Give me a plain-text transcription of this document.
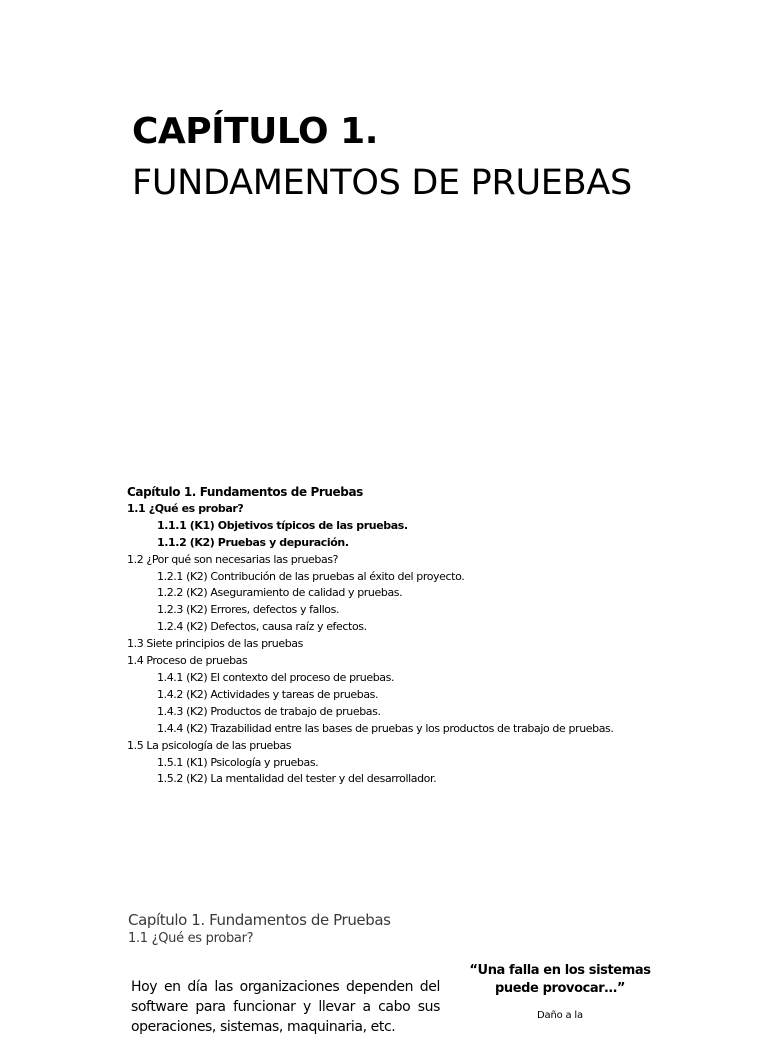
CAPÍTULO 1.
FUNDAMENTOS DE PRUEBAS
Capítulo 1. Fundamentos de Pruebas
1.1 ¿Qué es probar?
1.1.1 (K1) Objetivos típicos de las pruebas.
1.1.2 (K2) Pruebas y depuración.
1.2 ¿Por qué son necesarias las pruebas?
1.2.1 (K2) Contribución de las pruebas al éxito del proyecto.
1.2.2 (K2) Aseguramiento de calidad y pruebas.
1.2.3 (K2) Errores, defectos y fallos.
1.2.4 (K2) Defectos, causa raíz y efectos.
1.3 Siete principios de las pruebas
1.4 Proceso de pruebas
1.4.1 (K2) El contexto del proceso de pruebas.
1.4.2 (K2) Actividades y tareas de pruebas.
1.4.3 (K2) Productos de trabajo de pruebas.
1.4.4 (K2) Trazabilidad entre las bases de pruebas y los productos de trabajo de pruebas.
1.5 La psicología de las pruebas
1.5.1 (K1) Psicología y pruebas.
1.5.2 (K2) La mentalidad del tester y del desarrollador.
Capítulo 1. Fundamentos de Pruebas
1.1 ¿Qué es probar?

Hoy en día las organizaciones dependen del software para funcionar y llevar a cabo sus operaciones, sistemas, maquinaria, etc.

“Una falla en los sistemas puede provocar…”

Daño a la
